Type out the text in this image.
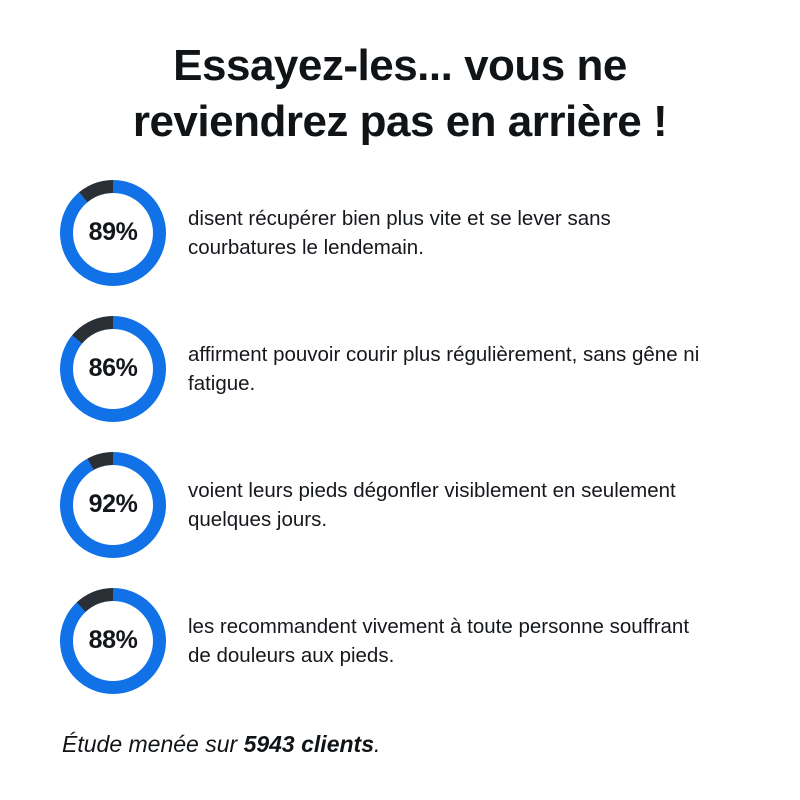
Essayez-les... vous ne reviendrez pas en arrière !
89%
disent récupérer bien plus vite et se lever sans courbatures le lendemain.
86%
affirment pouvoir courir plus régulièrement, sans gêne ni fatigue.
92%
voient leurs pieds dégonfler visiblement en seulement quelques jours.
88%
les recommandent vivement à toute personne souffrant de douleurs aux pieds.
Étude menée sur 5943 clients.
